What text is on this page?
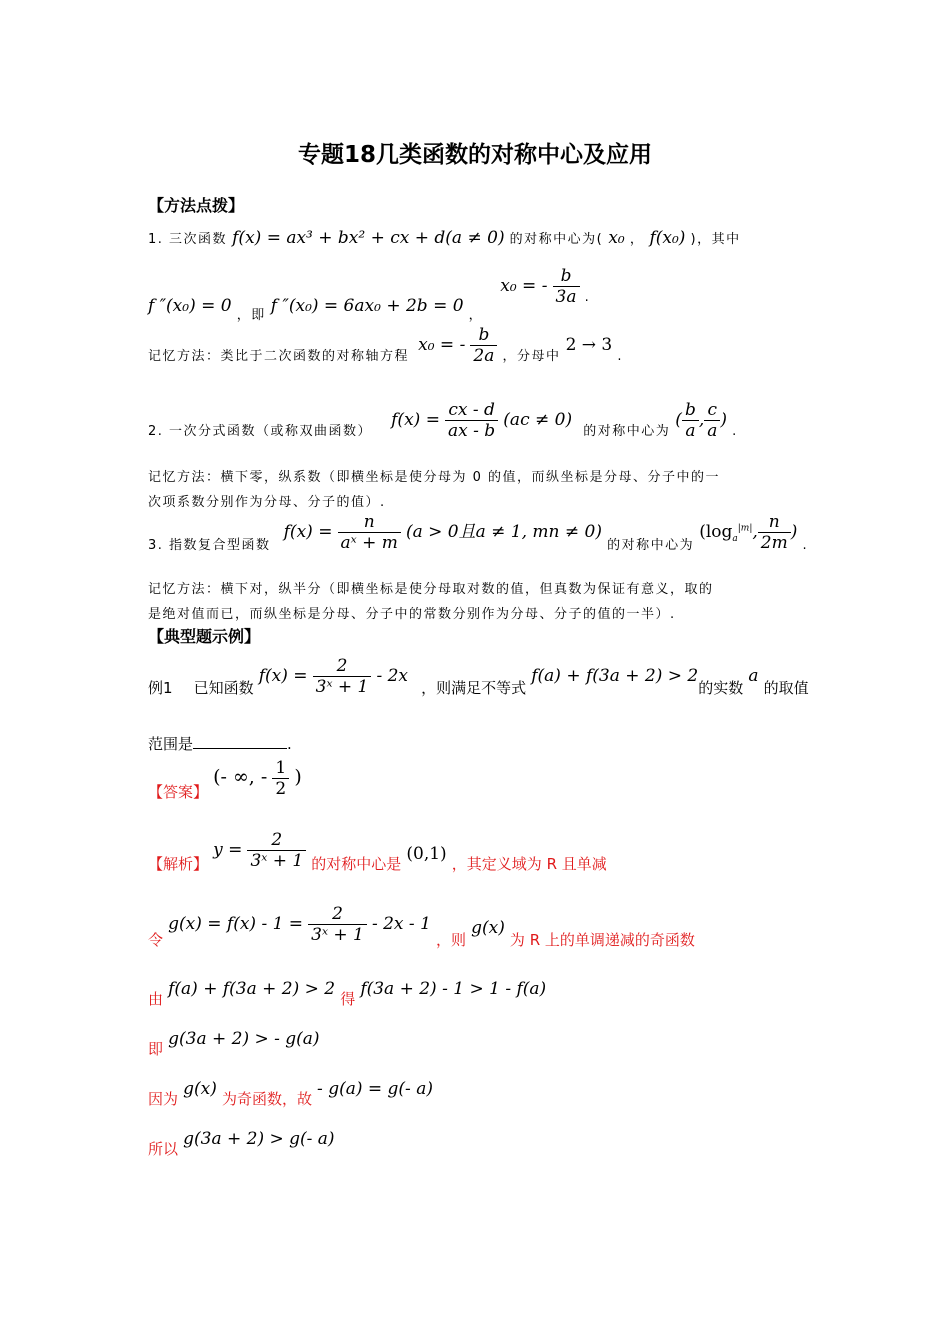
专题18几类函数的对称中心及应用
【方法点拨】
1. 三次函数 f(x) = ax³ + bx² + cx + d(a ≠ 0) 的对称中心为( x₀ ， f(x₀) )，其中
f ″(x₀) = 0 $_{,即}$ f ″(x₀) = 6ax₀ + 2b = 0 $_,$ x₀ = - $\frac{b}{3a} _.$
$_{记忆方法:类比于二次函数的对称轴方程}$ x₀ = - $\frac{b}{2a} _{,分母中}$ 2 → 3 $_.$
$_{2. 一次分式函数(或称双曲函数)}$ $f(x) = \frac{cx - d}{ax - b} (ac \ne 0)$ $_{的对称中心为}$ ( $\frac{b}{a}$ , $\frac{c}{a}$ ) $_.$
记忆方法：横下零，纵系数（即横坐标是使分母为 0 的值，而纵坐标是分母、分子中的一
次项系数分别作为分母、分子的值）.
$_{3. 指数复合型函数}$ $f(x) = \frac{n}{\text{aˣ + m}} (a > 0$且a ≠ 1, mn ≠ 0) $_{的对称中心为}$ ($\log_a^{|m|}$, $\frac{n}{2m}$ ) $_.$
记忆方法：横下对，纵半分（即横坐标是使分母取对数的值，但真数为保证有意义，取的
是绝对值而已，而纵坐标是分母、分子中的常数分别作为分母、分子的值的一半）.
【典型题示例】
例1 已知函数 $f(x) = \frac{2}{\text{3ˣ + 1}} - 2x$ ，则满足不等式 f(a) + f(3a + 2) > 2的实数 a 的取值
范围是	.
【答案】 (- ∞, - $\frac{1}{2}$ )
【解析】 $y = \frac{2}{\text{3ˣ + 1}}$ 的对称中心是 (0,1) ，其定义域为 R 且单减
令 $g(x) = f(x) - 1 = \frac{2}{\text{3ˣ + 1}} - 2x - 1$ ，则 g(x) 为 R 上的单调递减的奇函数
由 f(a) + f(3a + 2) > 2 得 f(3a + 2) - 1 > 1 - f(a)
即 g(3a + 2) > - g(a)
因为 g(x) 为奇函数，故 - g(a) = g(- a)
所以 g(3a + 2) > g(- a)
